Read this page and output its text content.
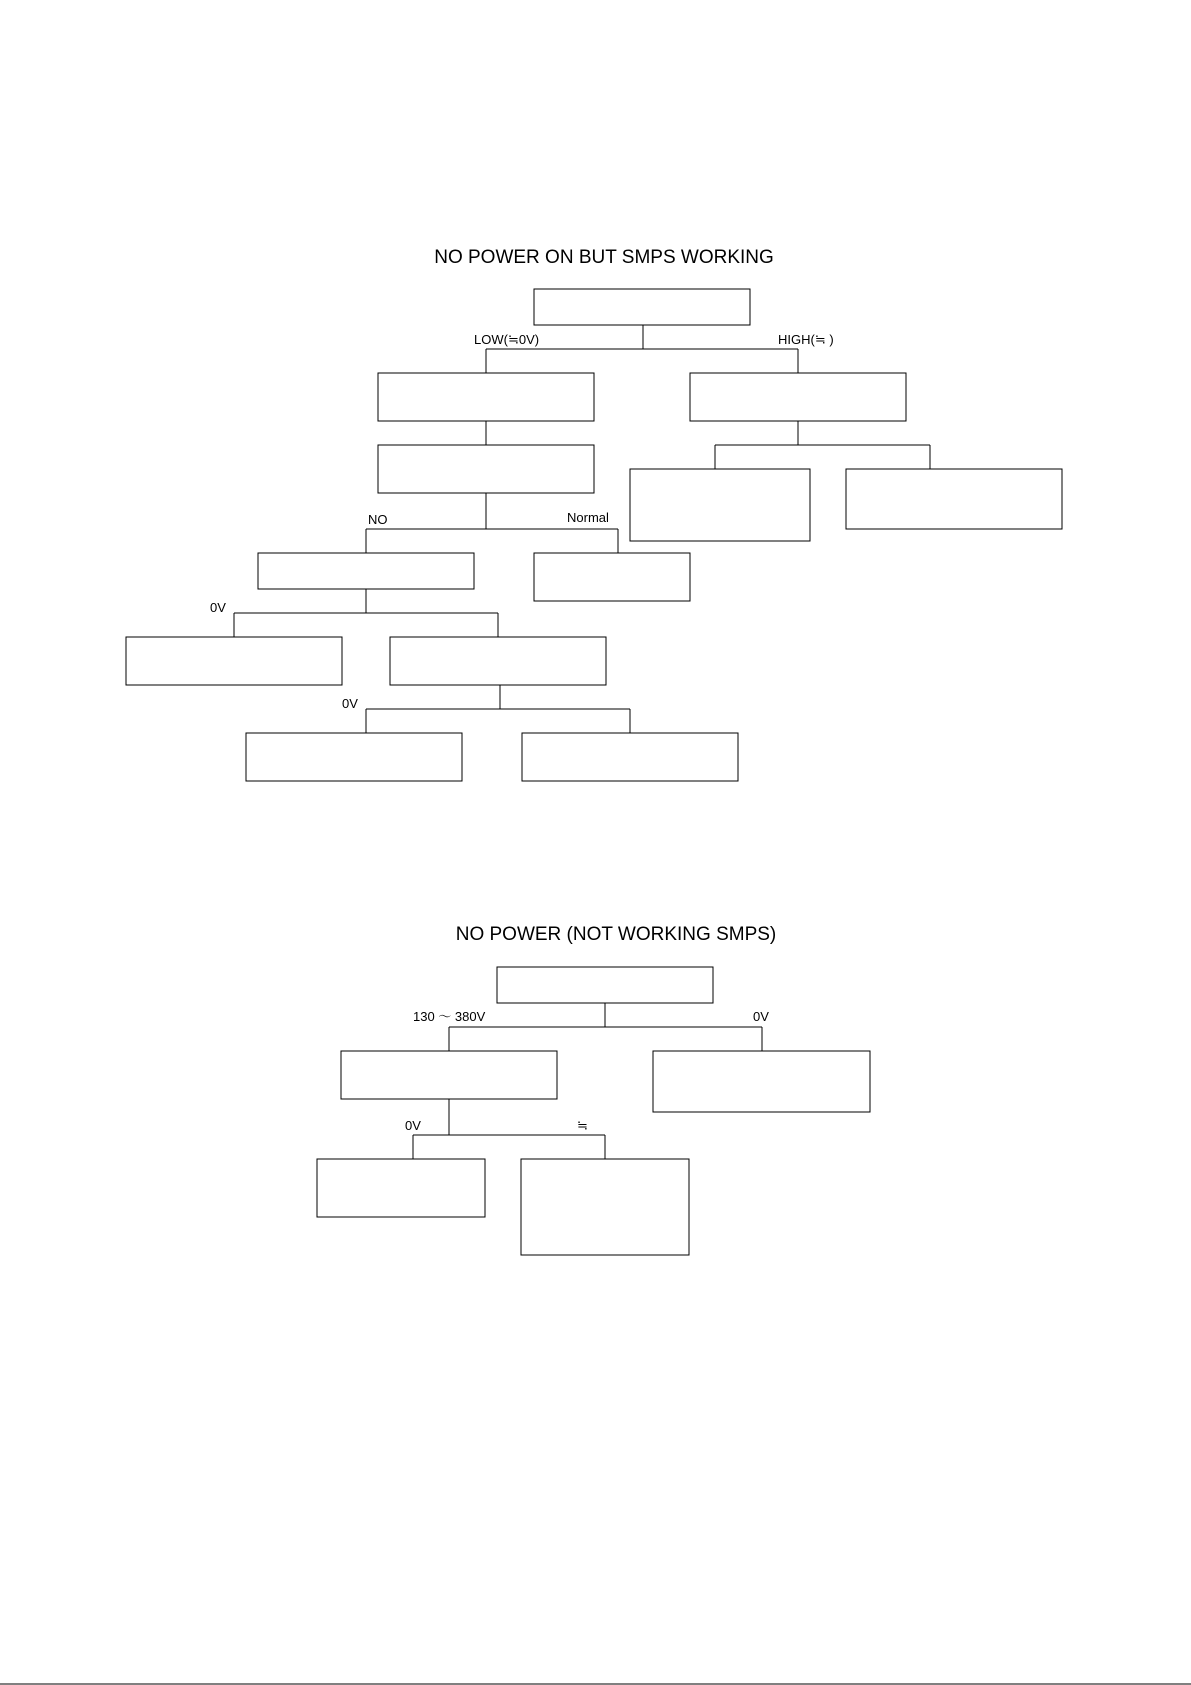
NO POWER ON BUT SMPS WORKING
LOW(≒0V)	HIGH(≒ )
NO	Normal
0V
0V
NO POWER (NOT WORKING SMPS)
130 ～ 380V	0V
0V	≒
